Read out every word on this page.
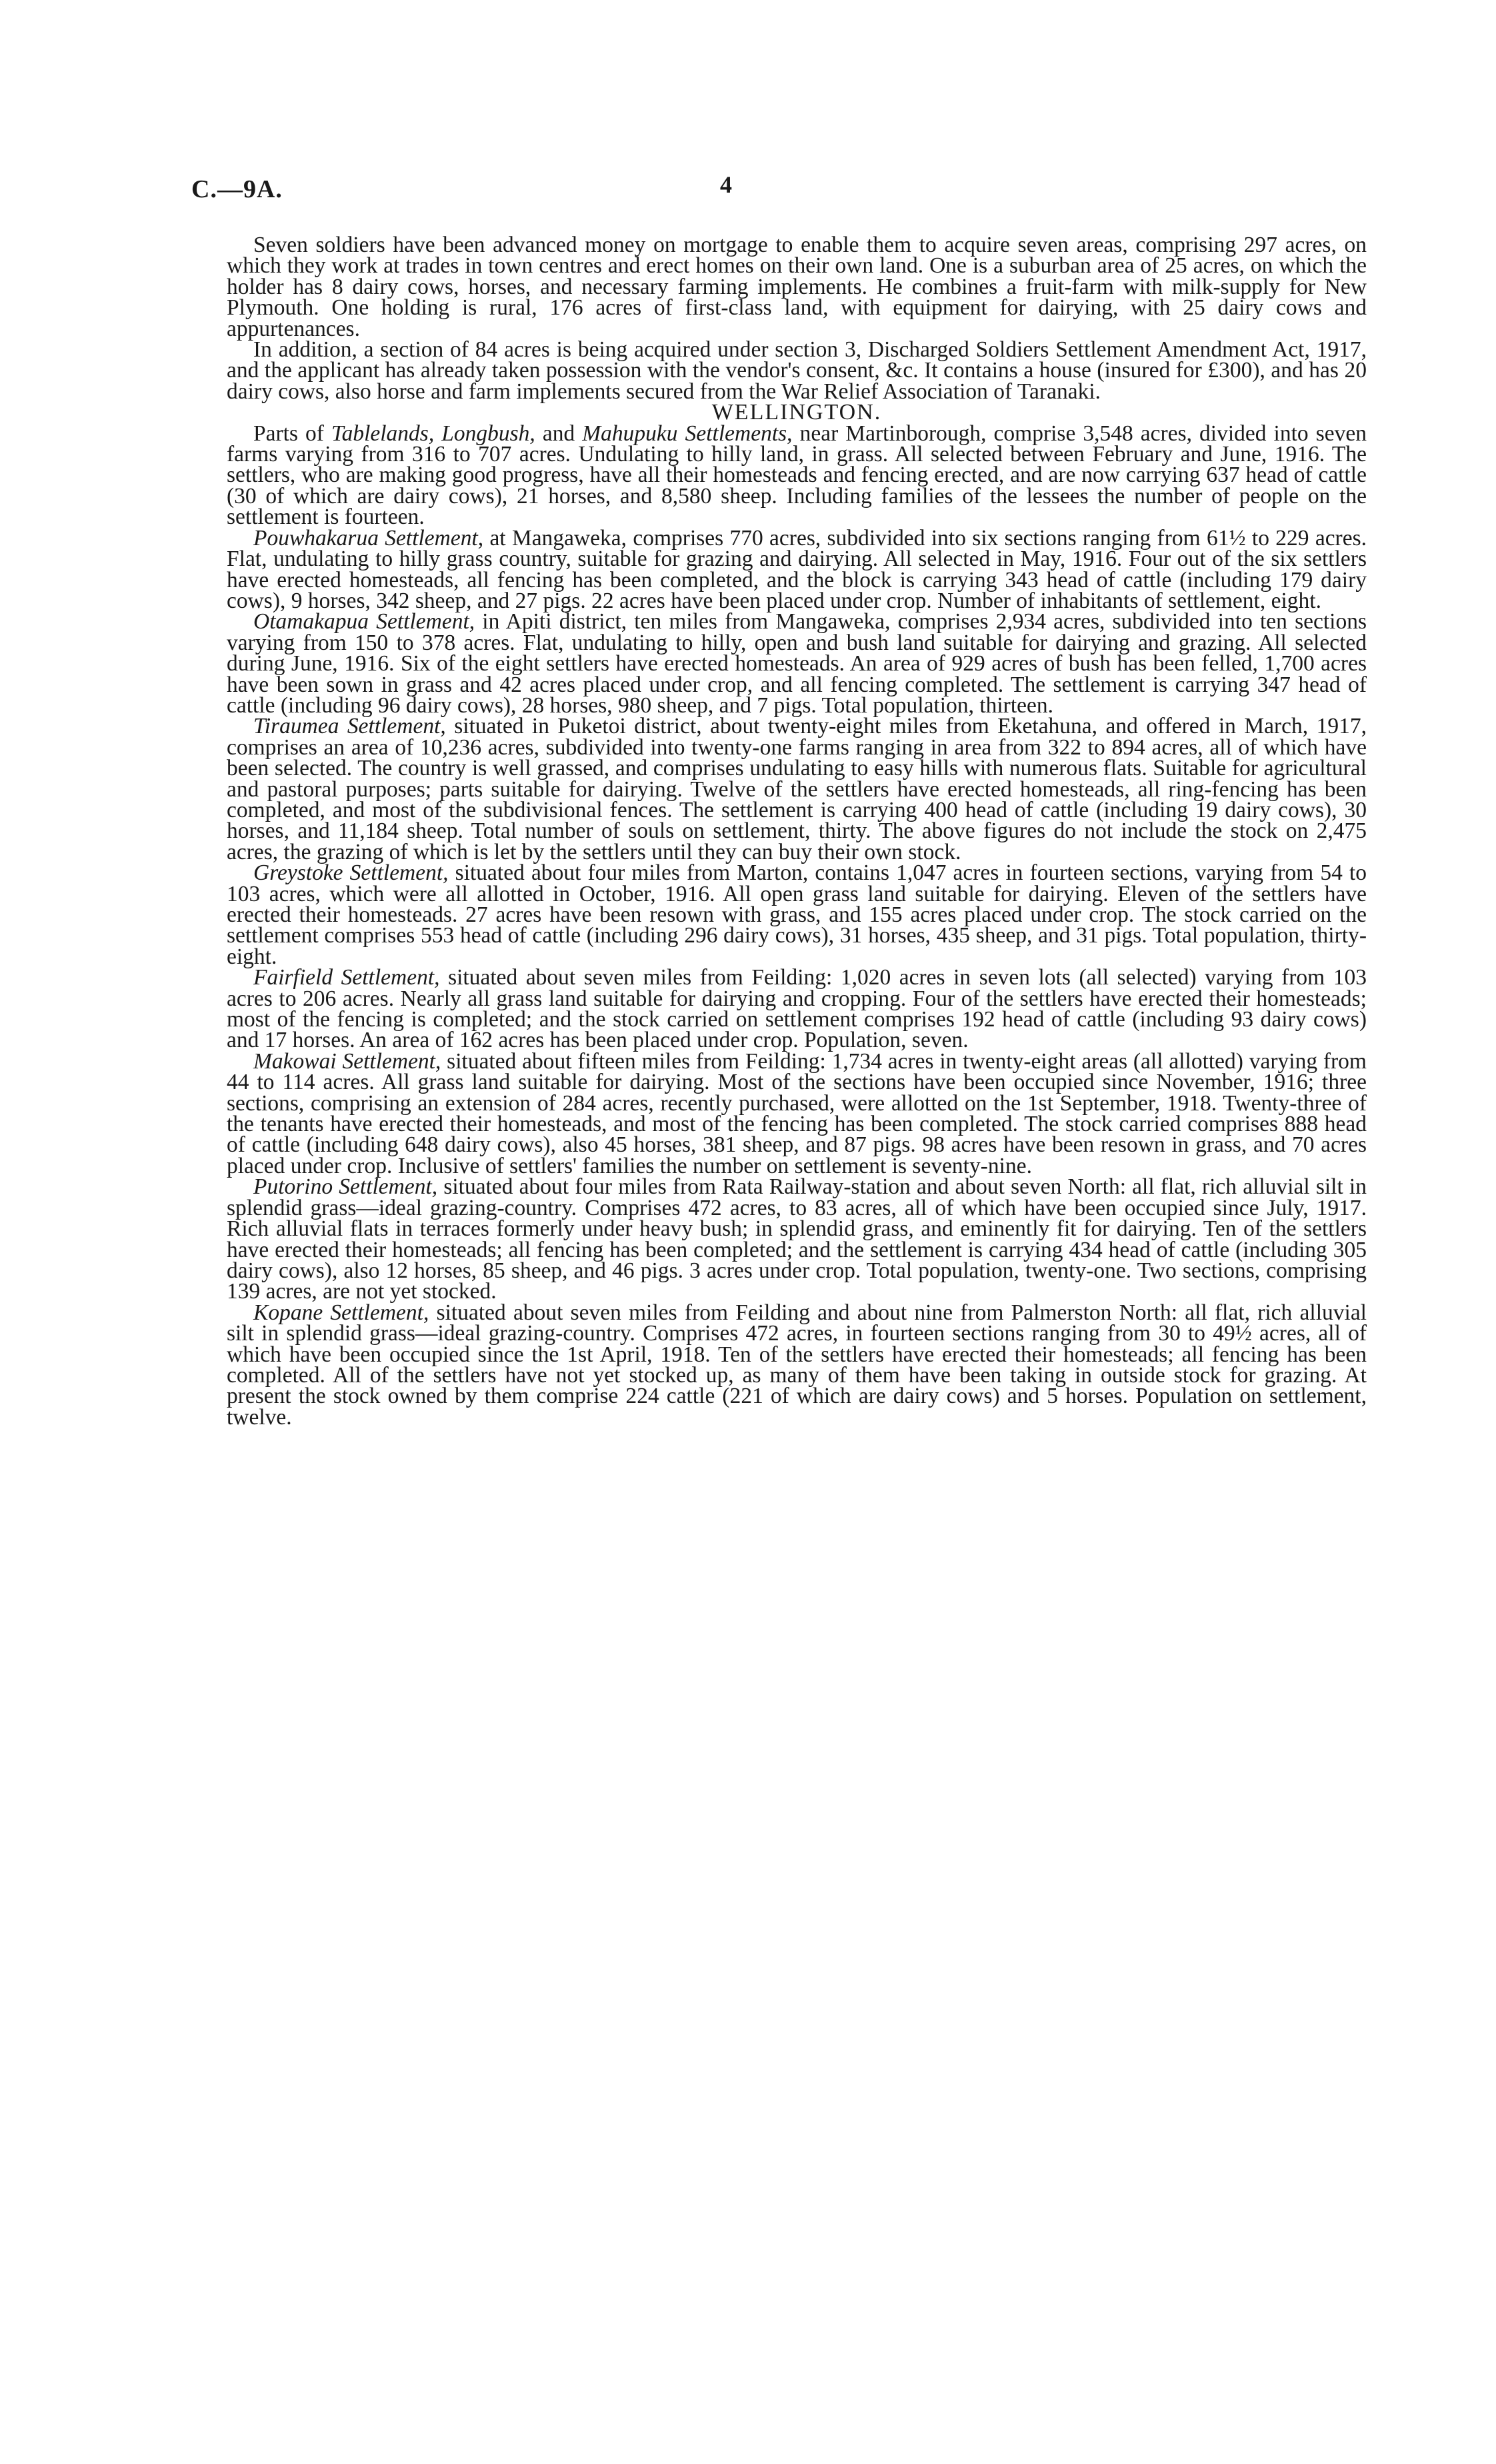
C.—9A.	4

Seven soldiers have been advanced money on mortgage to enable them to acquire seven areas, comprising 297 acres, on which they work at trades in town centres and erect homes on their own land. One is a suburban area of 25 acres, on which the holder has 8 dairy cows, horses, and necessary farming implements. He combines a fruit-farm with milk-supply for New Plymouth. One holding is rural, 176 acres of first-class land, with equipment for dairying, with 25 dairy cows and appurtenances.

In addition, a section of 84 acres is being acquired under section 3, Discharged Soldiers Settlement Amendment Act, 1917, and the applicant has already taken possession with the vendor's consent, &c. It contains a house (insured for £300), and has 20 dairy cows, also horse and farm implements secured from the War Relief Association of Taranaki.

WELLINGTON.

Parts of Tablelands, Longbush, and Mahupuku Settlements, near Martinborough, comprise 3,548 acres, divided into seven farms varying from 316 to 707 acres. Undulating to hilly land, in grass. All selected between February and June, 1916. The settlers, who are making good progress, have all their homesteads and fencing erected, and are now carrying 637 head of cattle (30 of which are dairy cows), 21 horses, and 8,580 sheep. Including families of the lessees the number of people on the settlement is fourteen.

Pouwhakarua Settlement, at Mangaweka, comprises 770 acres, subdivided into six sections ranging from 61½ to 229 acres. Flat, undulating to hilly grass country, suitable for grazing and dairying. All selected in May, 1916. Four out of the six settlers have erected homesteads, all fencing has been completed, and the block is carrying 343 head of cattle (including 179 dairy cows), 9 horses, 342 sheep, and 27 pigs. 22 acres have been placed under crop. Number of inhabitants of settlement, eight.

Otamakapua Settlement, in Apiti district, ten miles from Mangaweka, comprises 2,934 acres, subdivided into ten sections varying from 150 to 378 acres. Flat, undulating to hilly, open and bush land suitable for dairying and grazing. All selected during June, 1916. Six of the eight settlers have erected homesteads. An area of 929 acres of bush has been felled, 1,700 acres have been sown in grass and 42 acres placed under crop, and all fencing completed. The settlement is carrying 347 head of cattle (including 96 dairy cows), 28 horses, 980 sheep, and 7 pigs. Total population, thirteen.

Tiraumea Settlement, situated in Puketoi district, about twenty-eight miles from Eketahuna, and offered in March, 1917, comprises an area of 10,236 acres, subdivided into twenty-one farms ranging in area from 322 to 894 acres, all of which have been selected. The country is well grassed, and comprises undulating to easy hills with numerous flats. Suitable for agricultural and pastoral purposes; parts suitable for dairying. Twelve of the settlers have erected homesteads, all ring-fencing has been completed, and most of the subdivisional fences. The settlement is carrying 400 head of cattle (including 19 dairy cows), 30 horses, and 11,184 sheep. Total number of souls on settlement, thirty. The above figures do not include the stock on 2,475 acres, the grazing of which is let by the settlers until they can buy their own stock.

Greystoke Settlement, situated about four miles from Marton, contains 1,047 acres in fourteen sections, varying from 54 to 103 acres, which were all allotted in October, 1916. All open grass land suitable for dairying. Eleven of the settlers have erected their homesteads. 27 acres have been resown with grass, and 155 acres placed under crop. The stock carried on the settlement comprises 553 head of cattle (including 296 dairy cows), 31 horses, 435 sheep, and 31 pigs. Total population, thirty-eight.

Fairfield Settlement, situated about seven miles from Feilding: 1,020 acres in seven lots (all selected) varying from 103 acres to 206 acres. Nearly all grass land suitable for dairying and cropping. Four of the settlers have erected their homesteads; most of the fencing is completed; and the stock carried on settlement comprises 192 head of cattle (including 93 dairy cows) and 17 horses. An area of 162 acres has been placed under crop. Population, seven.

Makowai Settlement, situated about fifteen miles from Feilding: 1,734 acres in twenty-eight areas (all allotted) varying from 44 to 114 acres. All grass land suitable for dairying. Most of the sections have been occupied since November, 1916; three sections, comprising an extension of 284 acres, recently purchased, were allotted on the 1st September, 1918. Twenty-three of the tenants have erected their homesteads, and most of the fencing has been completed. The stock carried comprises 888 head of cattle (including 648 dairy cows), also 45 horses, 381 sheep, and 87 pigs. 98 acres have been resown in grass, and 70 acres placed under crop. Inclusive of settlers' families the number on settlement is seventy-nine.

Putorino Settlement, situated about four miles from Rata Railway-station and about seven North: all flat, rich alluvial silt in splendid grass—ideal grazing-country. Comprises 472 acres, to 83 acres, all of which have been occupied since July, 1917. Rich alluvial flats in terraces formerly under heavy bush; in splendid grass, and eminently fit for dairying. Ten of the settlers have erected their homesteads; all fencing has been completed; and the settlement is carrying 434 head of cattle (including 305 dairy cows), also 12 horses, 85 sheep, and 46 pigs. 3 acres under crop. Total population, twenty-one. Two sections, comprising 139 acres, are not yet stocked.

Kopane Settlement, situated about seven miles from Feilding and about nine from Palmerston North: all flat, rich alluvial silt in splendid grass—ideal grazing-country. Comprises 472 acres, in fourteen sections ranging from 30 to 49½ acres, all of which have been occupied since the 1st April, 1918. Ten of the settlers have erected their homesteads; all fencing has been completed. All of the settlers have not yet stocked up, as many of them have been taking in outside stock for grazing. At present the stock owned by them comprise 224 cattle (221 of which are dairy cows) and 5 horses. Population on settlement, twelve.
